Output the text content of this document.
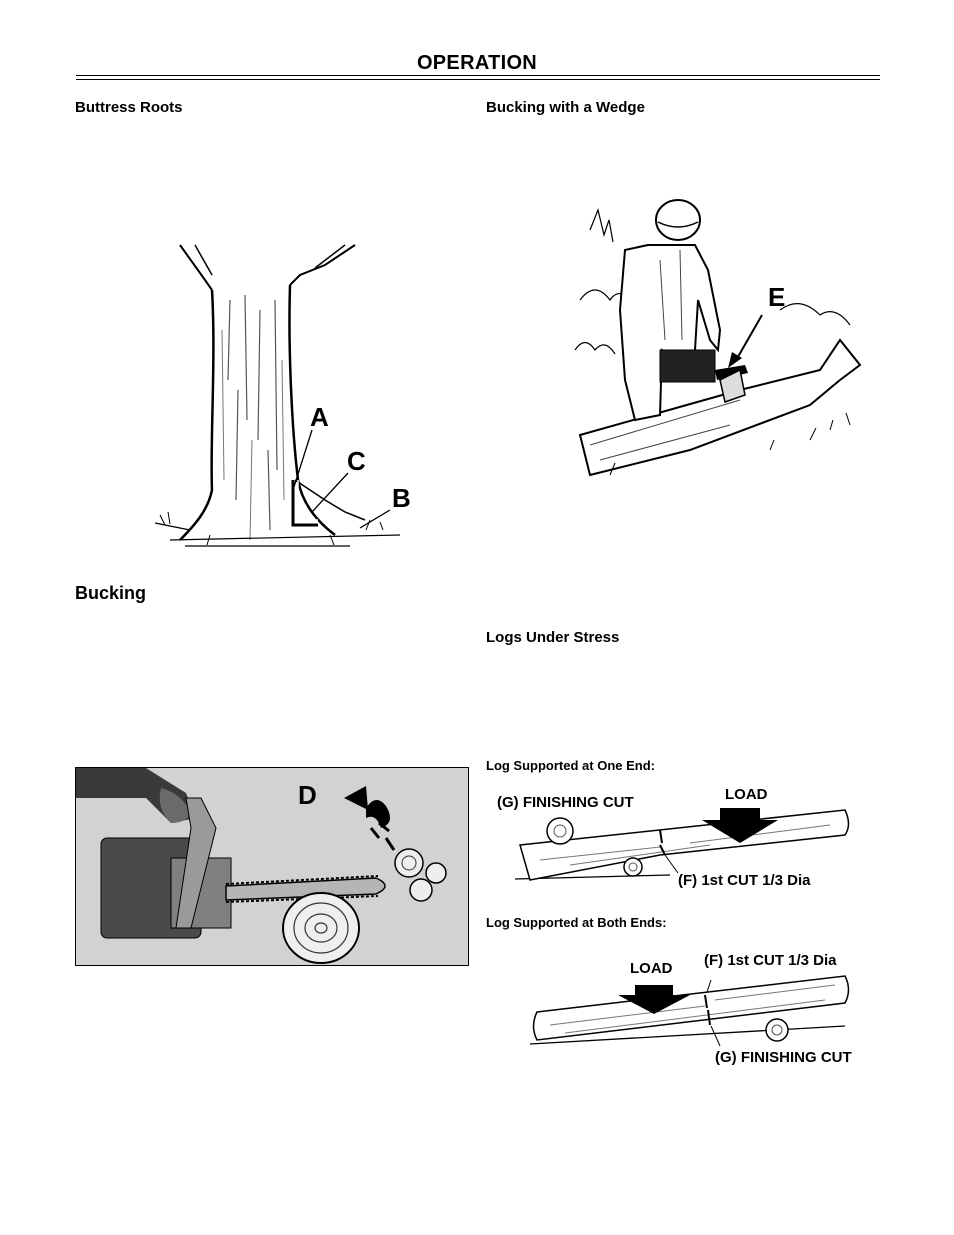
OPERATION
Buttress Roots
Bucking
Bucking with a Wedge
Logs Under Stress
A
C
B
E
D
Log Supported at One End:
(G) FINISHING CUT	LOAD
(F) 1st CUT 1/3 Dia
Log Supported at Both Ends:
LOAD (F) 1st CUT 1/3 Dia
(G) FINISHING CUT
